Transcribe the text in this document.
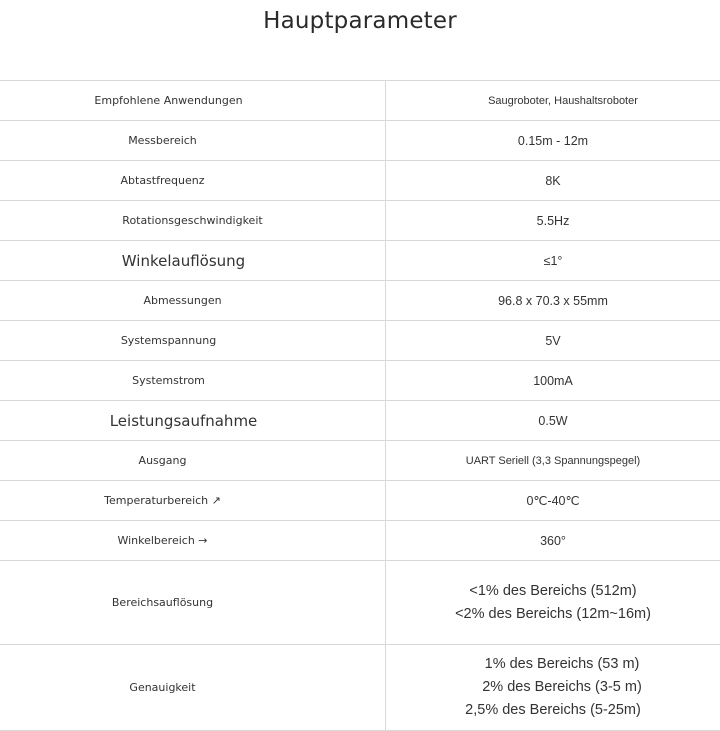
Hauptparameter
Empfohlene Anwendungen	Saugroboter, Haushaltsroboter
Messbereich	0.15m - 12m
Abtastfrequenz	8K
Rotationsgeschwindigkeit	5.5Hz
Winkelauflösung	≤1°
Abmessungen	96.8 x 70.3 x 55mm
Systemspannung	5V
Systemstrom	100mA
Leistungsaufnahme	0.5W
Ausgang	UART Seriell (3,3 Spannungspegel)
Temperaturbereich ↗	0℃-40℃
Winkelbereich →	360°
Bereichsauflösung	<1% des Bereichs (512m)
<2% des Bereichs (12m~16m)

Genauigkeit	1% des Bereichs (53 m)
2% des Bereichs (3-5 m)
2,5% des Bereichs (5-25m)
